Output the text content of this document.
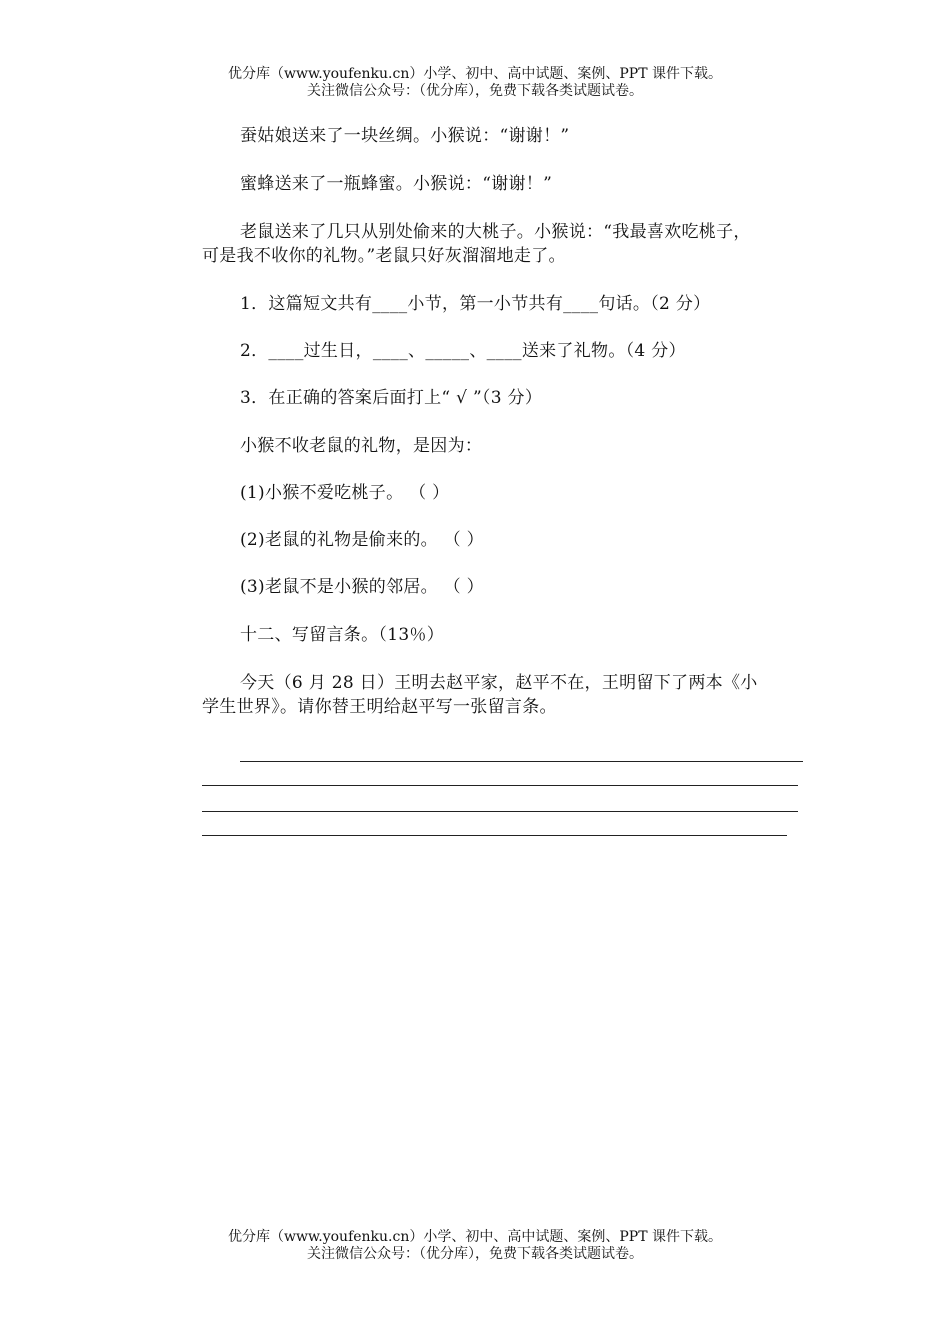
优分库（www.youfenku.cn）小学、初中、高中试题、案例、PPT 课件下载。
关注微信公众号：（优分库），免费下载各类试题试卷。
蚕姑娘送来了一块丝绸。小猴说：“谢谢！”
蜜蜂送来了一瓶蜂蜜。小猴说：“谢谢！”
老鼠送来了几只从别处偷来的大桃子。小猴说：“我最喜欢吃桃子，
可是我不收你的礼物。”老鼠只好灰溜溜地走了。
1．这篇短文共有____小节，第一小节共有____句话。（2 分）
2．____过生日，____、_____、____送来了礼物。（4 分）
3．在正确的答案后面打上“ √ ”（3 分）
小猴不收老鼠的礼物，是因为：
(1)小猴不爱吃桃子。 （ ）
(2)老鼠的礼物是偷来的。 （ ）
(3)老鼠不是小猴的邻居。 （ ）
十二、写留言条。（13％）
今天（6 月 28 日）王明去赵平家，赵平不在，王明留下了两本《小
学生世界》。请你替王明给赵平写一张留言条。
优分库（www.youfenku.cn）小学、初中、高中试题、案例、PPT 课件下载。
关注微信公众号：（优分库），免费下载各类试题试卷。
